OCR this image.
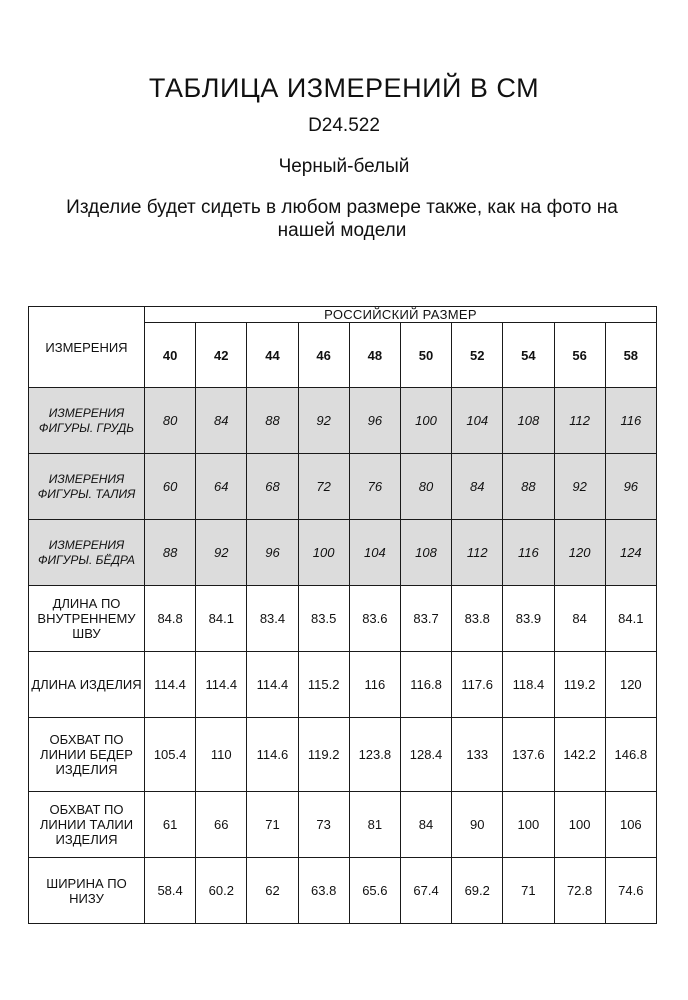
ТАБЛИЦА ИЗМЕРЕНИЙ В СМ
D24.522
Черный-белый
Изделие будет сидеть в любом размере также, как на фото на нашей модели
ИЗМЕРЕНИЯ	РОССИЙСКИЙ РАЗМЕР									
	40	42	44	46	48	50	52	54	56	58
ИЗМЕРЕНИЯ ФИГУРЫ. ГРУДЬ	80	84	88	92	96	100	104	108	112	116
ИЗМЕРЕНИЯ ФИГУРЫ. ТАЛИЯ	60	64	68	72	76	80	84	88	92	96
ИЗМЕРЕНИЯ ФИГУРЫ. БЁДРА	88	92	96	100	104	108	112	116	120	124
ДЛИНА ПО ВНУТРЕННЕМУ ШВУ	84.8	84.1	83.4	83.5	83.6	83.7	83.8	83.9	84	84.1
ДЛИНА ИЗДЕЛИЯ	114.4	114.4	114.4	115.2	116	116.8	117.6	118.4	119.2	120
ОБХВАТ ПО ЛИНИИ БЕДЕР ИЗДЕЛИЯ	105.4	110	114.6	119.2	123.8	128.4	133	137.6	142.2	146.8
ОБХВАТ ПО ЛИНИИ ТАЛИИ ИЗДЕЛИЯ	61	66	71	73	81	84	90	100	100	106
ШИРИНА ПО НИЗУ	58.4	60.2	62	63.8	65.6	67.4	69.2	71	72.8	74.6
